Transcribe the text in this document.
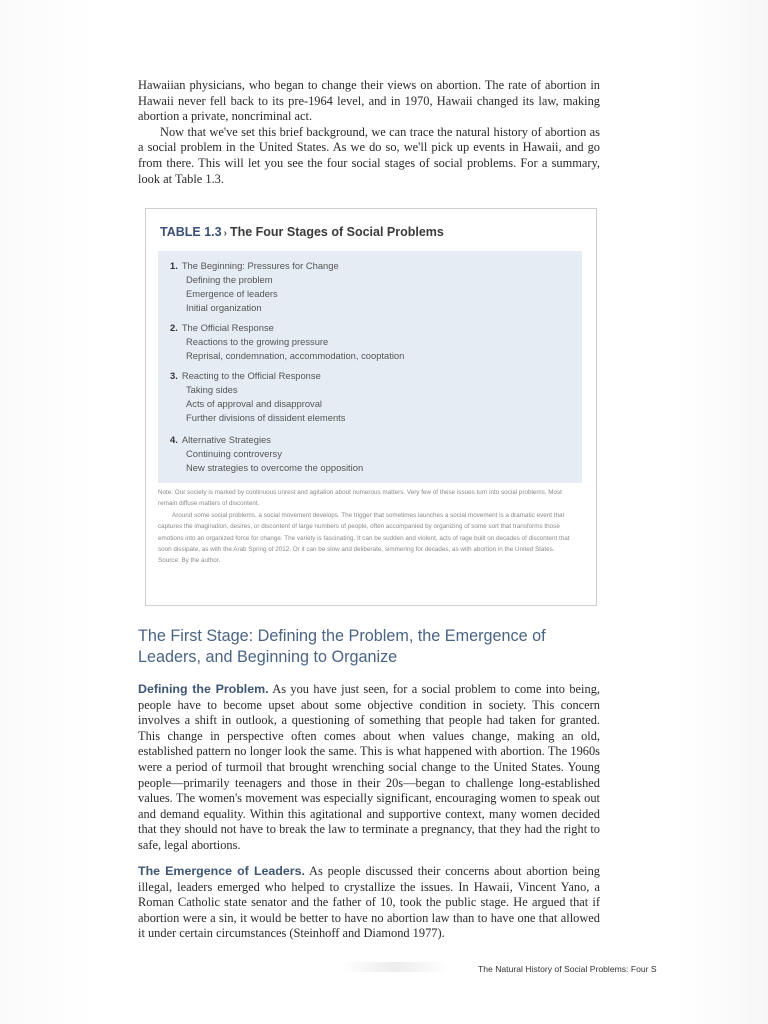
Hawaiian physicians, who began to change their views on abortion. The rate of abortion in Hawaii never fell back to its pre-1964 level, and in 1970, Hawaii changed its law, making abortion a private, noncriminal act.

Now that we've set this brief background, we can trace the natural history of abortion as a social problem in the United States. As we do so, we'll pick up events in Hawaii, and go from there. This will let you see the four social stages of social problems. For a summary, look at Table 1.3.

TABLE 1.3 › The Four Stages of Social Problems
1. The Beginning: Pressures for Change
Defining the problem
Emergence of leaders
Initial organization
2. The Official Response
Reactions to the growing pressure
Reprisal, condemnation, accommodation, cooptation
3. Reacting to the Official Response
Taking sides
Acts of approval and disapproval
Further divisions of dissident elements
4. Alternative Strategies
Continuing controversy
New strategies to overcome the opposition

Note: Our society is marked by continuous unrest and agitation about numerous matters. Very few of these issues turn into social problems. Most remain diffuse matters of discontent.

Around some social problems, a social movement develops. The trigger that sometimes launches a social movement is a dramatic event that captures the imagination, desires, or discontent of large numbers of people, often accompanied by organizing of some sort that transforms those emotions into an organized force for change. The variety is fascinating. It can be sudden and violent, acts of rage built on decades of discontent that soon dissipate, as with the Arab Spring of 2012. Or it can be slow and deliberate, simmering for decades, as with abortion in the United States.

Source: By the author.

The First Stage: Defining the Problem, the Emergence of Leaders, and Beginning to Organize

Defining the Problem. As you have just seen, for a social problem to come into being, people have to become upset about some objective condition in society. This concern involves a shift in outlook, a questioning of something that people had taken for granted. This change in perspective often comes about when values change, making an old, established pattern no longer look the same. This is what happened with abortion. The 1960s were a period of turmoil that brought wrenching social change to the United States. Young people—primarily teenagers and those in their 20s—began to challenge long-established values. The women's movement was especially significant, encouraging women to speak out and demand equality. Within this agitational and supportive context, many women decided that they should not have to break the law to terminate a pregnancy, that they had the right to safe, legal abortions.

The Emergence of Leaders. As people discussed their concerns about abortion being illegal, leaders emerged who helped to crystallize the issues. In Hawaii, Vincent Yano, a Roman Catholic state senator and the father of 10, took the public stage. He argued that if abortion were a sin, it would be better to have no abortion law than to have one that allowed it under certain circumstances (Steinhoff and Diamond 1977).

The Natural History of Social Problems: Four S
